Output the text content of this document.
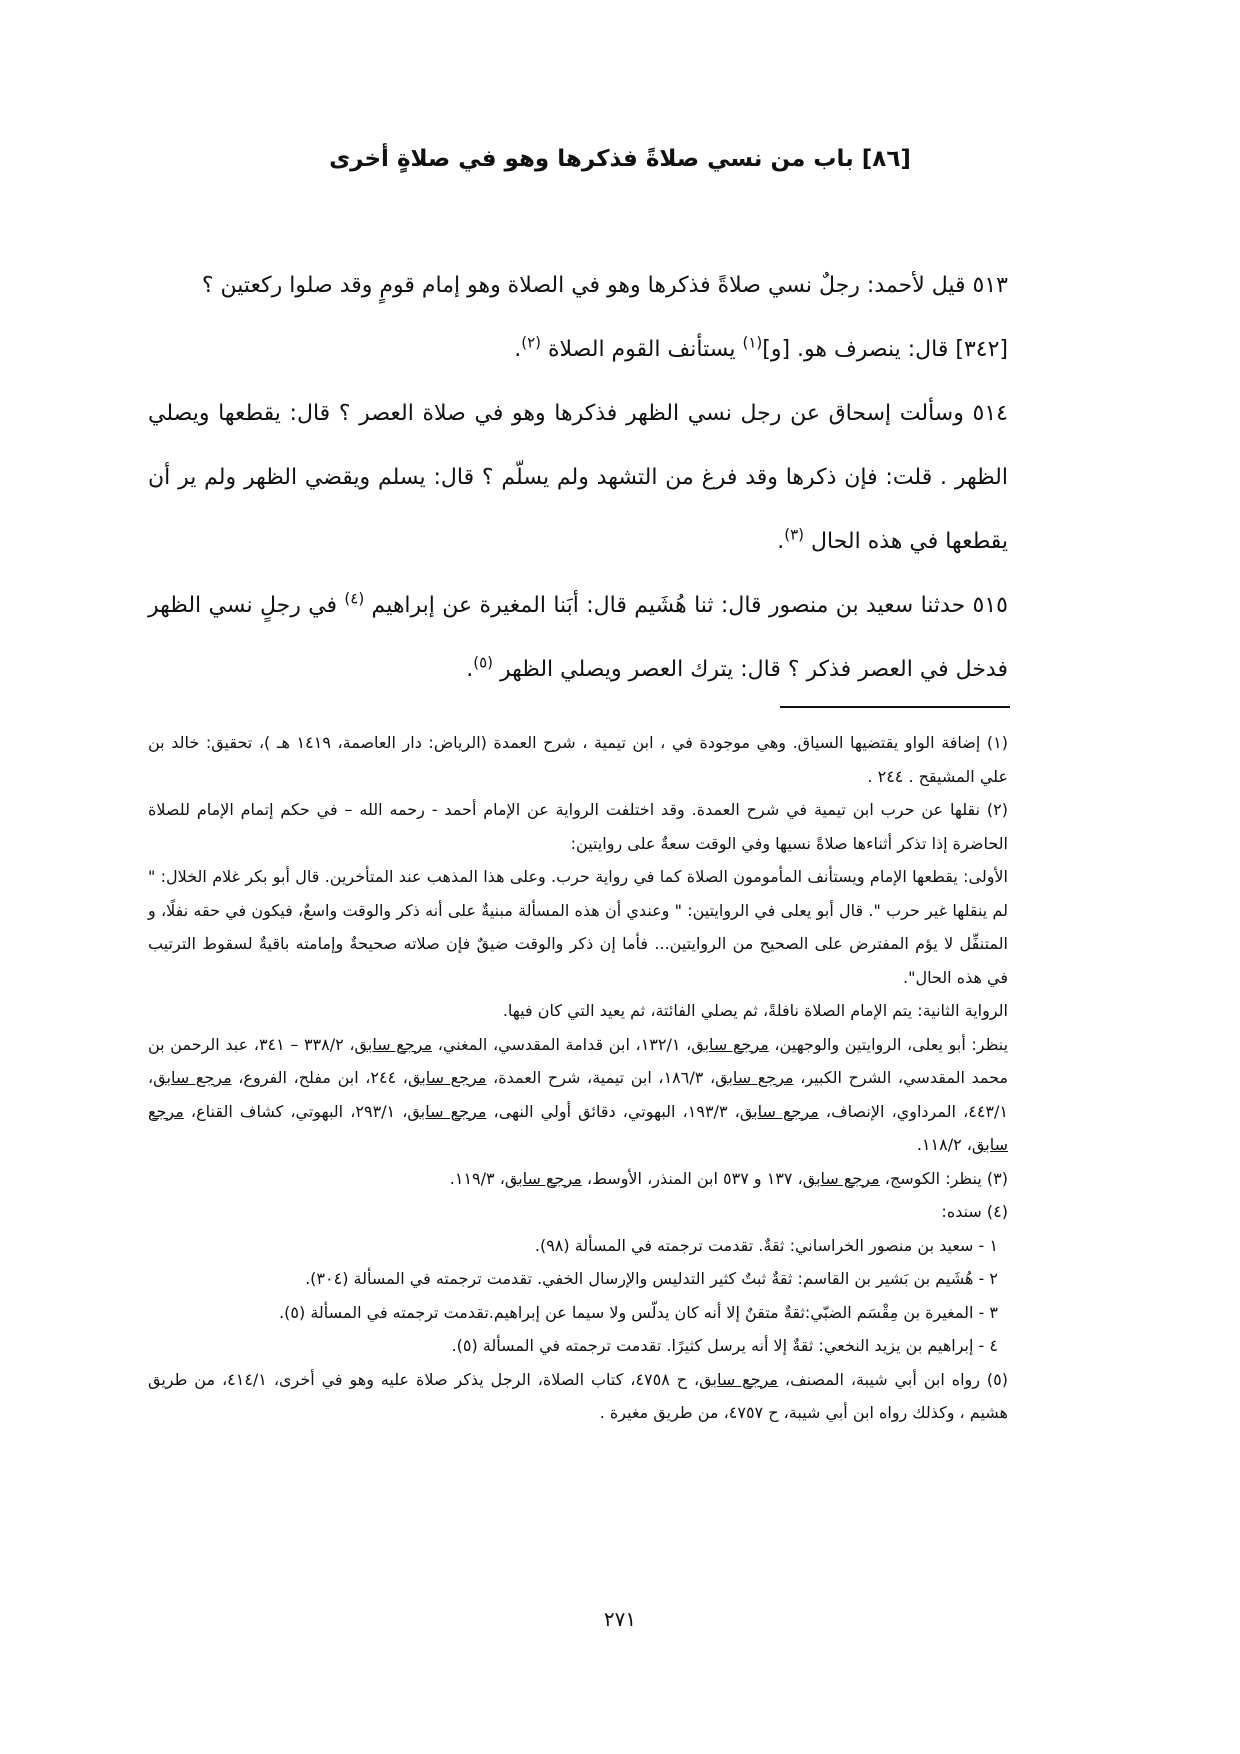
[٨٦] باب من نسي صلاةً فذكرها وهو في صلاةٍ أخرى

٥١٣ قيل لأحمد: رجلٌ نسي صلاةً فذكرها وهو في الصلاة وهو إمام قومٍ وقد صلوا ركعتين ؟

[٣٤٢] قال: ينصرف هو. [و]$^{(١)}$ يستأنف القوم الصلاة $^{(٢)}$.

٥١٤ وسألت إسحاق عن رجل نسي الظهر فذكرها وهو في صلاة العصر ؟ قال: يقطعها ويصلي الظهر . قلت: فإن ذكرها وقد فرغ من التشهد ولم يسلّم ؟ قال: يسلم ويقضي الظهر ولم ير أن يقطعها في هذه الحال $^{(٣)}$.

٥١٥ حدثنا سعيد بن منصور قال: ثنا هُشَيم قال: أبَنا المغيرة عن إبراهيم $^{(٤)}$ في رجلٍ نسي الظهر فدخل في العصر فذكر ؟ قال: يترك العصر ويصلي الظهر $^{(٥)}$.

(١) إضافة الواو يقتضيها السياق. وهي موجودة في ، ابن تيمية ، شرح العمدة (الرياض: دار العاصمة، ١٤١٩ هـ )، تحقيق: خالد بن علي المشيقح . ٢٤٤ .

(٢) نقلها عن حرب ابن تيمية في شرح العمدة. وقد اختلفت الرواية عن الإمام أحمد - رحمه الله – في حكم إتمام الإمام للصلاة الحاضرة إذا تذكر أثناءها صلاةً نسيها وفي الوقت سعةٌ على روايتين:

الأولى: يقطعها الإمام ويستأنف المأمومون الصلاة كما في رواية حرب. وعلى هذا المذهب عند المتأخرين. قال أبو بكر غلام الخلال: " لم ينقلها غير حرب ". قال أبو يعلى في الروايتين: " وعندي أن هذه المسألة مبنيةٌ على أنه ذكر والوقت واسعٌ، فيكون في حقه نفلًا، و المتنفِّل لا يؤم المفترض على الصحيح من الروايتين... فأما إن ذكر والوقت ضيقٌ فإن صلاته صحيحةٌ وإمامته باقيةٌ لسقوط الترتيب في هذه الحال".

الرواية الثانية: يتم الإمام الصلاة نافلةً، ثم يصلي الفائتة، ثم يعيد التي كان فيها.

ينظر: أبو يعلى، الروايتين والوجهين، مرجع سابق، ١٣٢/١، ابن قدامة المقدسي، المغني، مرجع سابق، ٣٣٨/٢ – ٣٤١، عبد الرحمن بن محمد المقدسي، الشرح الكبير، مرجع سابق، ١٨٦/٣، ابن تيمية، شرح العمدة، مرجع سابق، ٢٤٤، ابن مفلح، الفروع، مرجع سابق، ٤٤٣/١، المرداوي، الإنصاف، مرجع سابق، ١٩٣/٣، البهوتي، دقائق أولي النهى، مرجع سابق، ٢٩٣/١، البهوتي، كشاف القناع، مرجع سابق، ١١٨/٢.

(٣) ينظر: الكوسج، مرجع سابق، ١٣٧ و ٥٣٧ ابن المنذر، الأوسط، مرجع سابق، ١١٩/٣.

(٤) سنده:

١ - سعيد بن منصور الخراساني: ثقةٌ. تقدمت ترجمته في المسألة (٩٨).

٢ - هُشَيم بن بَشير بن القاسم: ثقةٌ ثبتٌ كثير التدليس والإرسال الخفي. تقدمت ترجمته في المسألة (٣٠٤).

٣ - المغيرة بن مِقْسَم الضبّي:ثقةٌ متقنٌ إلا أنه كان يدلّس ولا سيما عن إبراهيم.تقدمت ترجمته في المسألة (٥).

٤ - إبراهيم بن يزيد النخعي: ثقةٌ إلا أنه يرسل كثيرًا. تقدمت ترجمته في المسألة (٥).

(٥) رواه ابن أبي شيبة، المصنف، مرجع سابق، ح ٤٧٥٨، كتاب الصلاة، الرجل يذكر صلاة عليه وهو في أخرى، ٤١٤/١، من طريق هشيم ، وكذلك رواه ابن أبي شيبة، ح ٤٧٥٧، من طريق مغيرة .

٢٧١
